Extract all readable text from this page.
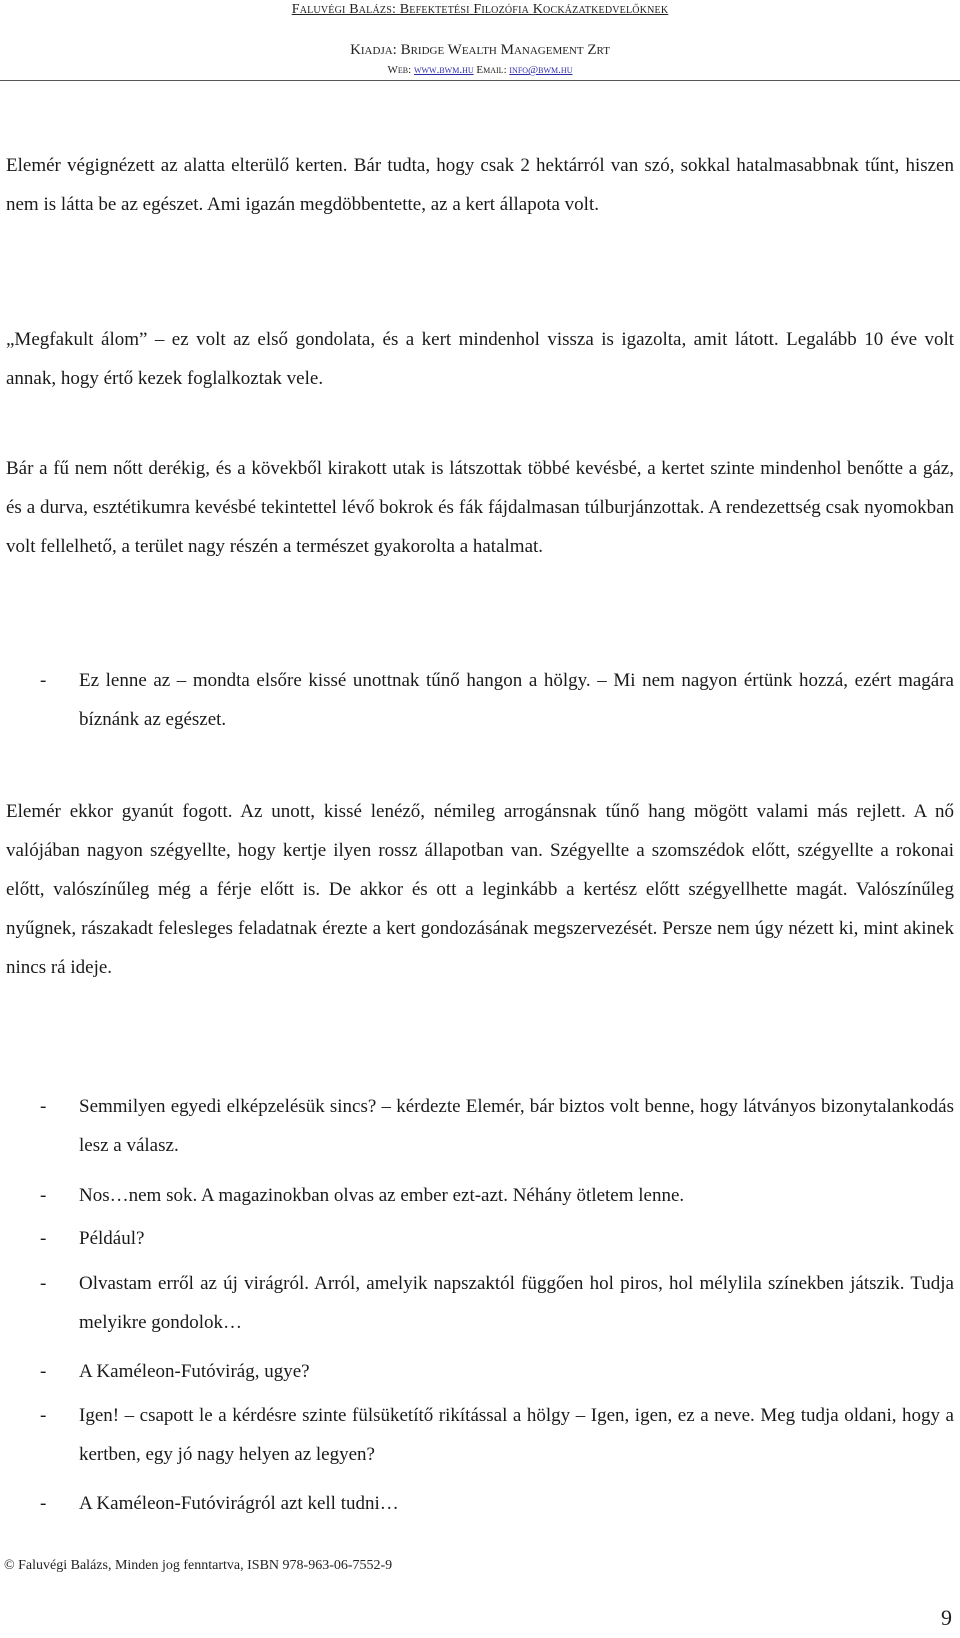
Faluvégi Balázs: Befektetési Filozófia Kockázatkedvelőknek
Kiadja: Bridge Wealth Management Zrt
Web: www.bwm.hu Email: info@bwm.hu

Elemér végignézett az alatta elterülő kerten. Bár tudta, hogy csak 2 hektárról van szó, sokkal hatalmasabbnak tűnt, hiszen nem is látta be az egészet. Ami igazán megdöbbentette, az a kert állapota volt.

„Megfakult álom” – ez volt az első gondolata, és a kert mindenhol vissza is igazolta, amit látott. Legalább 10 éve volt annak, hogy értő kezek foglalkoztak vele.

Bár a fű nem nőtt derékig, és a kövekből kirakott utak is látszottak többé kevésbé, a kertet szinte mindenhol benőtte a gáz, és a durva, esztétikumra kevésbé tekintettel lévő bokrok és fák fájdalmasan túlburjánzottak. A rendezettség csak nyomokban volt fellelhető, a terület nagy részén a természet gyakorolta a hatalmat.

- Ez lenne az – mondta elsőre kissé unottnak tűnő hangon a hölgy. – Mi nem nagyon értünk hozzá, ezért magára bíznánk az egészet.

Elemér ekkor gyanút fogott. Az unott, kissé lenéző, némileg arrogánsnak tűnő hang mögött valami más rejlett. A nő valójában nagyon szégyellte, hogy kertje ilyen rossz állapotban van. Szégyellte a szomszédok előtt, szégyellte a rokonai előtt, valószínűleg még a férje előtt is. De akkor és ott a leginkább a kertész előtt szégyellhette magát. Valószínűleg nyűgnek, rászakadt felesleges feladatnak érezte a kert gondozásának megszervezését. Persze nem úgy nézett ki, mint akinek nincs rá ideje.

- Semmilyen egyedi elképzelésük sincs? – kérdezte Elemér, bár biztos volt benne, hogy látványos bizonytalankodás lesz a válasz.
- Nos…nem sok. A magazinokban olvas az ember ezt-azt. Néhány ötletem lenne.
- Például?
- Olvastam erről az új virágról. Arról, amelyik napszaktól függően hol piros, hol mélylila színekben játszik. Tudja melyikre gondolok…
- A Kaméleon-Futóvirág, ugye?
- Igen! – csapott le a kérdésre szinte fülsüketítő rikítással a hölgy – Igen, igen, ez a neve. Meg tudja oldani, hogy a kertben, egy jó nagy helyen az legyen?
- A Kaméleon-Futóvirágról azt kell tudni…
© Faluvégi Balázs, Minden jog fenntartva, ISBN 978-963-06-7552-9
9
